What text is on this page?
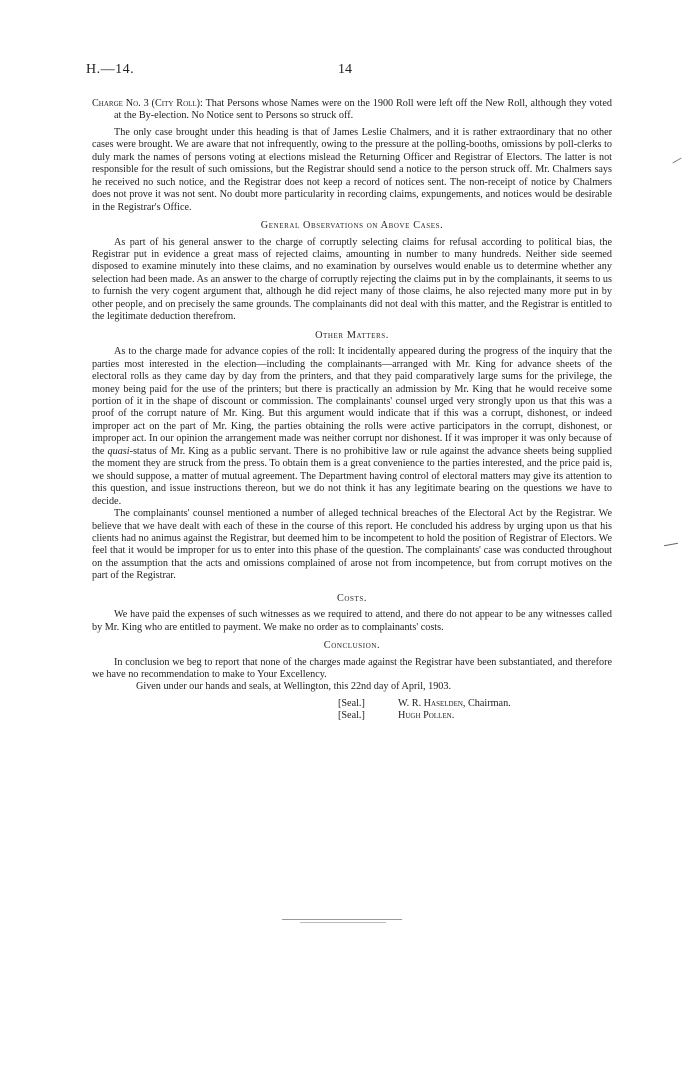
H.—14.	14

Charge No. 3 (City Roll): That Persons whose Names were on the 1900 Roll were left off the New Roll, although they voted at the By-election. No Notice sent to Persons so struck off.

The only case brought under this heading is that of James Leslie Chalmers, and it is rather extraordinary that no other cases were brought. We are aware that not infrequently, owing to the pressure at the polling-booths, omissions by poll-clerks to duly mark the names of persons voting at elections mislead the Returning Officer and Registrar of Electors. The latter is not responsible for the result of such omissions, but the Registrar should send a notice to the person struck off. Mr. Chalmers says he received no such notice, and the Registrar does not keep a record of notices sent. The non-receipt of notice by Chalmers does not prove it was not sent. No doubt more particularity in recording claims, expungements, and notices would be desirable in the Registrar's Office.

General Observations on Above Cases.

As part of his general answer to the charge of corruptly selecting claims for refusal according to political bias, the Registrar put in evidence a great mass of rejected claims, amounting in number to many hundreds. Neither side seemed disposed to examine minutely into these claims, and no examination by ourselves would enable us to determine whether any selection had been made. As an answer to the charge of corruptly rejecting the claims put in by the complainants, it seems to us to furnish the very cogent argument that, although he did reject many of those claims, he also rejected many more put in by other people, and on precisely the same grounds. The complainants did not deal with this matter, and the Registrar is entitled to the legitimate deduction therefrom.

Other Matters.

As to the charge made for advance copies of the roll: It incidentally appeared during the progress of the inquiry that the parties most interested in the election—including the complainants—arranged with Mr. King for advance sheets of the electoral rolls as they came day by day from the printers, and that they paid comparatively large sums for the privilege, the money being paid for the use of the printers; but there is practically an admission by Mr. King that he would receive some portion of it in the shape of discount or commission. The complainants' counsel urged very strongly upon us that this was a proof of the corrupt nature of Mr. King. But this argument would indicate that if this was a corrupt, dishonest, or indeed improper act on the part of Mr. King, the parties obtaining the rolls were active participators in the corrupt, dishonest, or improper act. In our opinion the arrangement made was neither corrupt nor dishonest. If it was improper it was only because of the quasi-status of Mr. King as a public servant. There is no prohibitive law or rule against the advance sheets being supplied the moment they are struck from the press. To obtain them is a great convenience to the parties interested, and the price paid is, we should suppose, a matter of mutual agreement. The Department having control of electoral matters may give its attention to this question, and issue instructions thereon, but we do not think it has any legitimate bearing on the questions we have to decide.

The complainants' counsel mentioned a number of alleged technical breaches of the Electoral Act by the Registrar. We believe that we have dealt with each of these in the course of this report. He concluded his address by urging upon us that his clients had no animus against the Registrar, but deemed him to be incompetent to hold the position of Registrar of Electors. We feel that it would be improper for us to enter into this phase of the question. The complainants' case was conducted throughout on the assumption that the acts and omissions complained of arose not from incompetence, but from corrupt motives on the part of the Registrar.

Costs.

We have paid the expenses of such witnesses as we required to attend, and there do not appear to be any witnesses called by Mr. King who are entitled to payment. We make no order as to complainants' costs.

Conclusion.

In conclusion we beg to report that none of the charges made against the Registrar have been substantiated, and therefore we have no recommendation to make to Your Excellency.

Given under our hands and seals, at Wellington, this 22nd day of April, 1903.

[Seal.]	W. R. Haselden, Chairman.
[Seal.]	Hugh Pollen.
